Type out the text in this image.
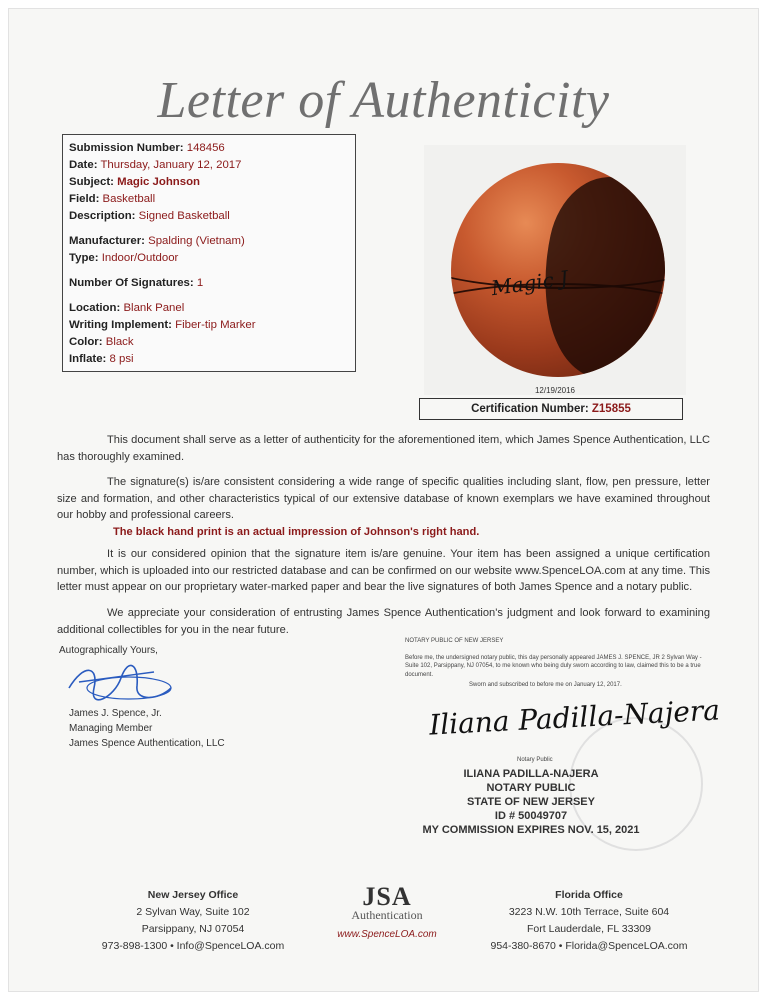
Letter of Authenticity
Submission Number: 148456
Date: Thursday, January 12, 2017
Subject: Magic Johnson
Field: Basketball
Description: Signed Basketball
Manufacturer: Spalding (Vietnam)
Type: Indoor/Outdoor
Number Of Signatures: 1
Location: Blank Panel
Writing Implement: Fiber-tip Marker
Color: Black
Inflate: 8 psi
Magic J
12/19/2016
Certification Number: Z15855
This document shall serve as a letter of authenticity for the aforementioned item, which James Spence Authentication, LLC has thoroughly examined.
The signature(s) is/are consistent considering a wide range of specific qualities including slant, flow, pen pressure, letter size and formation, and other characteristics typical of our extensive database of known exemplars we have examined throughout our hobby and professional careers.
The black hand print is an actual impression of Johnson's right hand.
It is our considered opinion that the signature item is/are genuine. Your item has been assigned a unique certification number, which is uploaded into our restricted database and can be confirmed on our website www.SpenceLOA.com at any time. This letter must appear on our proprietary water-marked paper and bear the live signatures of both James Spence and a notary public.
We appreciate your consideration of entrusting James Spence Authentication's judgment and look forward to examining additional collectibles for you in the near future.
Autographically Yours,
James J. Spence, Jr.
Managing Member
James Spence Authentication, LLC
NOTARY PUBLIC OF NEW JERSEY
Before me, the undersigned notary public, this day personally appeared JAMES J. SPENCE, JR 2 Sylvan Way - Suite 102, Parsippany, NJ 07054, to me known who being duly sworn according to law, claimed this to be a true document.
Sworn and subscribed to before me on January 12, 2017.
Notary Public
Iliana Padilla-Najera
ILIANA PADILLA-NAJERA
NOTARY PUBLIC
STATE OF NEW JERSEY
ID # 50049707
MY COMMISSION EXPIRES NOV. 15, 2021
New Jersey Office
2 Sylvan Way, Suite 102
Parsippany, NJ 07054
973-898-1300 • Info@SpenceLOA.com
JSA
Authentication
www.SpenceLOA.com
Florida Office
3223 N.W. 10th Terrace, Suite 604
Fort Lauderdale, FL 33309
954-380-8670 • Florida@SpenceLOA.com
